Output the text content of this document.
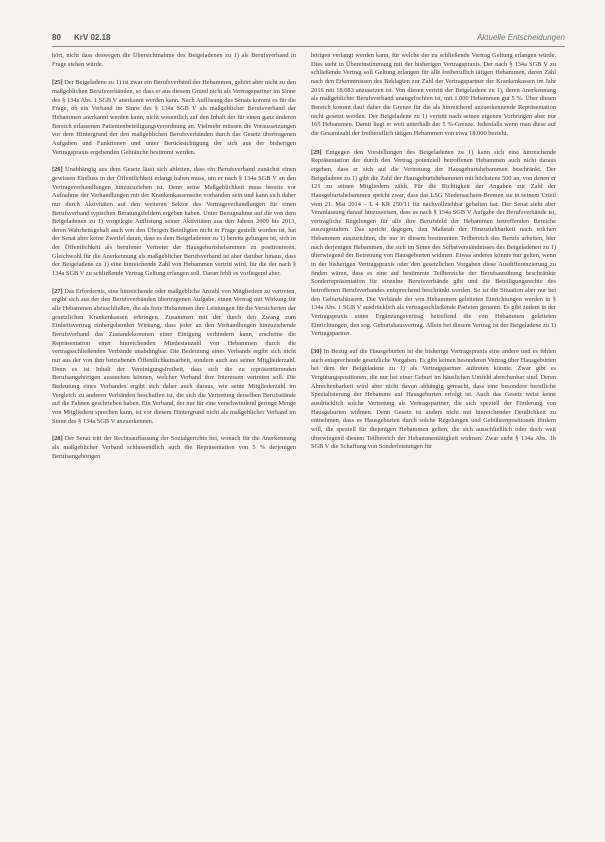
80 KrV 02.18	Aktuelle Entscheidungen

hört, nicht dass deswegen die Übersichtnahme des Beigeladenen zu 1) als Berufsverband in Frage stehen würde.

[25] Der Beigeladene zu 1) ist zwar ein Berufsverband der Hebammen, gehört aber nicht zu den maßgeblichen Berufsverbänden, so dass er aus diesem Grund nicht als Vertragspartner im Sinne des § 134a Abs. 1 SGB V anerkannt werden kann. Nach Auflösung des Senats kommt es für die Frage, ob ein Verband im Sinne des § 134a SGB V als maßgeblicher Berufsverband der Hebammen anerkannt werden kann, nicht wesentlich auf den Inhalt der für einen ganz anderen Bereich erlassenen Patientenbeteiligungsverordnung an. Vielmehr müssen die Voraussetzungen vor dem Hintergrund der den maßgeblichen Berufsverbänden durch das Gesetz übertragenen Aufgaben und Funktionen und unter Berücksichtigung der sich aus der bisherigen Vertragspraxis ergebenden Gebräuche bestimmt werden.

[26] Unabhängig aus dem Gesetz lässt sich ableiten, dass ein Berufsverband zunächst einen gewissen Einfluss in der Öffentlichkeit erlangt haben muss, um er nach § 134a SGB V an den Vertragsverhandlungen hinzuzuziehen ist. Denn seine Maßgeblichkeit muss bereits vor Aufnahme der Verhandlungen mit der Krankenkassenseite vorhanden sein und kann sich daher nur durch Aktivitäten auf den weiteren Sektor des Vertragsverhandlungen für einen Berufsverband typischen Beratungsfeldern ergeben haben. Unter Bezugnahme auf die von dem Beigeladenen zu 1) vorgelegte Auflistung seiner Aktivitäten aus den Jahren 2009 bis 2013, deren Wahrheitsgehalt auch von den Übrigen Beteiligten nicht in Frage gestellt worden ist, hat der Senat aber keine Zweifel daran, dass es dem Beigeladenen zu 1) bereits gelungen ist, sich in der Öffentlichkeit als berufener Vertreter der Hausgeburtshebammen zu positionieren. Gleichwohl für die Anerkennung als maßgeblicher Berufsverband ist aber darüber hinaus, dass der Beigeladene zu 1) eine hinreichende Zahl von Hebammen vertritt wird, für die der nach § 134a SGB V zu schließende Vertrag Geltung erlangen soll. Daran fehlt es vorliegend aber.

[27] Das Erfordernis, eine hinreichende oder maßgebliche Anzahl von Mitgliedern zu vertreten, ergibt sich aus der den Berufsverbänden übertragenen Aufgabe, einen Vertrag mit Wirkung für alle Hebammen abzuschließen, die als freie Hebammen ihre Leistungen für die Versicherten der gesetzlichen Krankenkassen erbringen. Zusammen mit der durch den Zwang zum Einheitsvertrag einhergehenden Wirkung, dass jeder an den Verhandlungen hinzuziehende Berufsverband das Zustandekommen einer Einigung verhindern kann, erscheine die Repräsentation einer hinreichenden Mindestanzahl von Hebammen durch die vertragsschließenden Verbände unabdingbar. Die Bedeutung eines Verbands ergibt sich nicht nur aus der von ihm betriebenen Öffentlichkeitsarbeit, sondern auch aus seiner Mitgliederzahl. Denn es ist Inhalt der Vereinigungsfreiheit, dass sich die zu repräsentierenden Berufsangehörigen aussuchen können, welcher Verband ihre Interessen vertreten soll. Die Bedeutung eines Verbandes ergibt sich daher auch daraus, wie seine Mitgliederzahl im Vergleich zu anderen Verbänden beschaffen ist, die sich die Vertretung derselben Berufsstände auf die Fahnen geschrieben haben. Ein Verband, der nur für eine verschwindend geringe Menge von Mitgliedern sprechen kann, ist vor diesem Hintergrund nicht als maßgeblicher Verband im Sinne des § 134a SGB V anzuerkennen.

[28] Der Senat tritt der Rechtsauffassung der Sozialgerichte bei, wonach für die Anerkennung als maßgeblicher Verband schlussendlich auch die Repräsentation von 5 % derjenigen Berufsangehörigen

hörigen verlangt werden kann, für welche der zu schließende Vertrag Geltung erlangen würde. Dies steht in Übereinstimmung mit der bisherigen Vertragspraxis. Der nach § 134a SGB V zu schließende Vertrag soll Geltung erlangen für alle freiberuflich tätigen Hebammen, deren Zahl nach den Erkenntnissen des Beklagten zur Zahl der Vertragspartner der Krankenkassen im Jahr 2016 mit 18.083 anzusetzen ist. Von diesen vertritt der Beigeladene zu 1), deren Anerkennung als maßgeblicher Berufsverband unangefochten ist, mit 1.000 Hebammen gut 5 %. Über diesen Bereich kommt dauf daher die Grenze für die als hinreichend anzuerkennende Repräsentation nicht gesetzt werden. Der Beigeladene zu 1) vertritt nach seinen eigenen Vorbringen aber nur 165 Hebammen. Damit liegt er weit unterhalb der 5 %-Grenze. Jedenfalls wenn man diese auf die Gesamtzahl der freiberuflich tätigen Hebammen von etwa 18.000 bezieht.

[29] Entgegen den Vorstellungen des Beigeladenen zu 1) kann sich eine hinreichende Repräsentation der durch den Vertrag potenziell betroffenen Hebammen auch nicht daraus ergeben, dass er sich auf die Vertretung der Hausgeburtshebammen beschränkt. Der Beigeladene zu 1) gibt die Zahl der Hausgeburtshebammen mit höchstens 500 an, von denen er 121 zu seinen Mitgliedern zählt. Für die Richtigkeit der Angaben zur Zahl der Hausgeburtshebammen spricht zwar, dass das LSG Niedersachsen-Bremen sie in seinem Urteil vom 21. Mai 2014 – L 4 KR 250/11 für nachvollziehbar gehalten hat. Der Senat sieht aber Veranlassung darauf hinzuweisen, dass es nach § 134a SGB V Aufgabe der Berufsverbände ist, vertragliche Regelungen für alle ihre Berufsfeld der Hebammen betreffenden Bereiche auszugestalten. Das spricht dagegen, den Maßstab der Hinzuziehbarkeit nach solchen Hebammen auszurichten, die nur in diesem bestimmten Teilbereich des Berufs arbeiten, hier nach derjenigen Hebammen, die sich im Sinne des Selbstverständnisses des Beigeladenen zu 1) überwiegend der Betreuung von Hausgeburten widmen. Etwas anderes könnte nur gelten, wenn in der bisherigen Vertragspraxis oder den gesetzlichen Vorgaben diese Ausdifferenzierung zu finden wären, dass es eine auf bestimmte Teilbereiche der Berufsausübung beschränkte Sonderrepräsentation für einzelne Berufsverbände gibt und die Beteiligungsrechte des betroffenen Berufsverbandes entsprechend beschränkt werden. So ist die Situation aber nur bei den Geburtshäusern. Die Verbände der von Hebammen geleiteten Einrichtungen werden in § 134a Abs. 1 SGB V ausdrücklich als vertragsschließende Parteien genannt. Es gibt zudem in der Vertragspraxis einen Ergänzungsvertrag betreffend die von Hebammen geleiteten Einrichtungen, den sog. Geburtshausvertrag. Allein bei diesem Vertrag ist der Beigeladene zu 1) Vertragspartner.

[30] In Bezug auf die Hausgeburten ist die bisherige Vertragspraxis eine andere und es fehlen auch entsprechende gesetzliche Vorgaben. Es gibt keinen besonderen Vertrag über Hausgeburten bei dem der Beigeladene zu 1) als Vertragspartner auftreten könnte. Zwar gibt es Vergütungspositionen, die nur bei einer Geburt im häuslichen Umfeld abrechenbar sind. Deren Abrechenbarkeit wird aber nicht davon abhängig gemacht, dass eine besondere berufliche Spezialisierung der Hebamme auf Hausgeburten erfolgt ist. Auch das Gesetz weist keine ausdrücklich solche Vertretung als Vertragspartner, die sich speziell der Förderung von Hausgeburten widmen. Denn Gesetz ist anders nicht mit hinreichender Deutlichkeit zu entnehmen, dass es Hausgeburten durch solche Regelungen und Gebührenpositionen fördern will, die speziell für diejenigen Hebammen gelten, die sich ausschließlich oder doch weit überwiegend diesem Teilbereich der Hebammentätigkeit widmen. Zwar sieht § 134a Abs. 1b SGB V die Schaffung von Sonderleistungen für
